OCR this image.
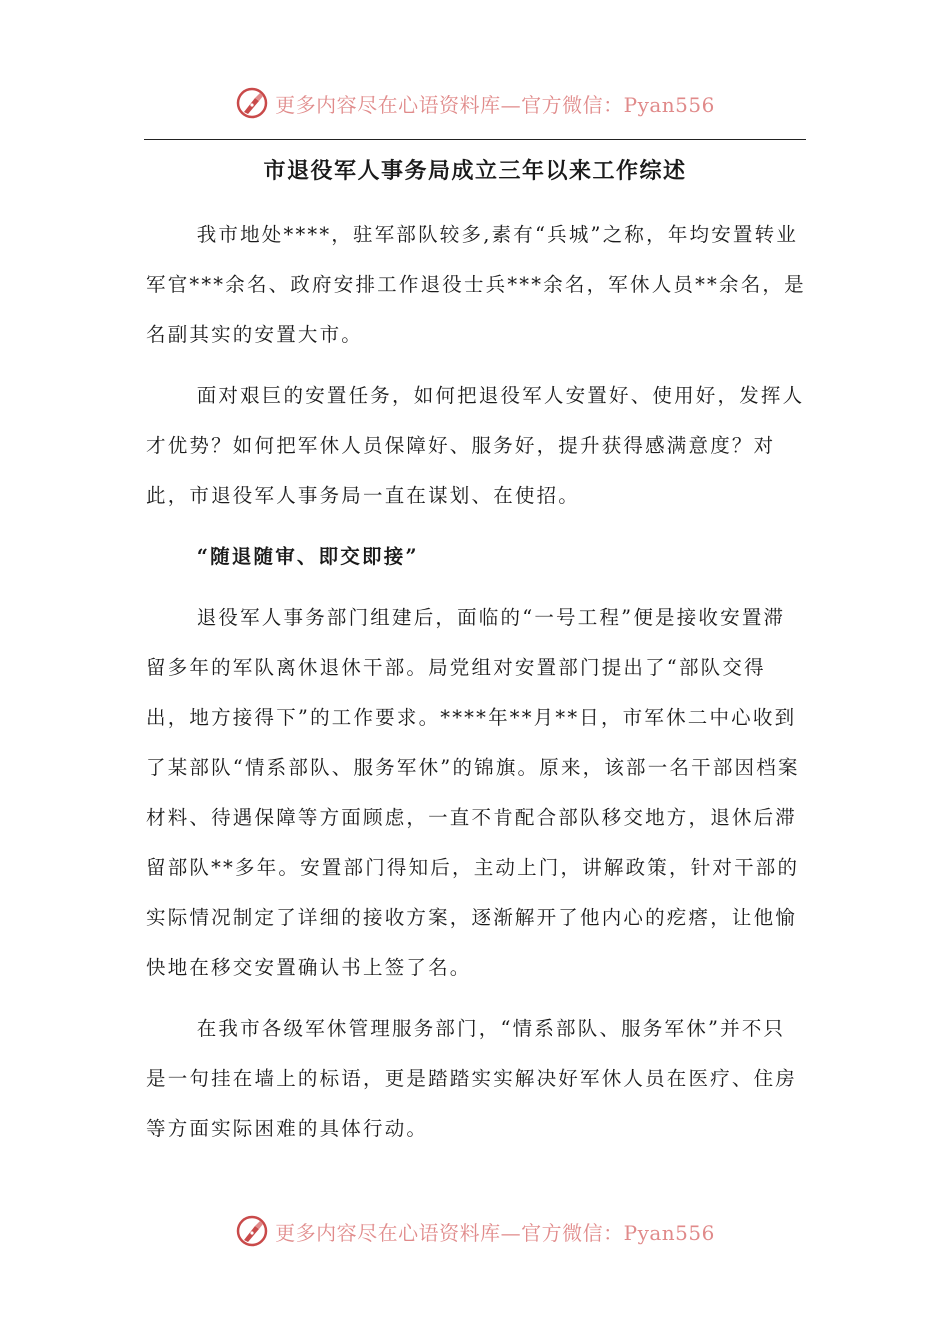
更多内容尽在心语资料库—官方微信：Pyan556
市退役军人事务局成立三年以来工作综述

我市地处****，驻军部队较多,素有“兵城”之称，年均安置转业军官***余名、政府安排工作退役士兵***余名，军休人员**余名，是名副其实的安置大市。

面对艰巨的安置任务，如何把退役军人安置好、使用好，发挥人才优势？如何把军休人员保障好、服务好，提升获得感满意度？对此，市退役军人事务局一直在谋划、在使招。

“随退随审、即交即接”

退役军人事务部门组建后，面临的“一号工程”便是接收安置滞留多年的军队离休退休干部。局党组对安置部门提出了“部队交得出，地方接得下”的工作要求。****年**月**日，市军休二中心收到了某部队“情系部队、服务军休”的锦旗。原来，该部一名干部因档案材料、待遇保障等方面顾虑，一直不肯配合部队移交地方，退休后滞留部队**多年。安置部门得知后，主动上门，讲解政策，针对干部的实际情况制定了详细的接收方案，逐渐解开了他内心的疙瘩，让他愉快地在移交安置确认书上签了名。

在我市各级军休管理服务部门，“情系部队、服务军休”并不只是一句挂在墙上的标语，更是踏踏实实解决好军休人员在医疗、住房等方面实际困难的具体行动。

更多内容尽在心语资料库—官方微信：Pyan556
